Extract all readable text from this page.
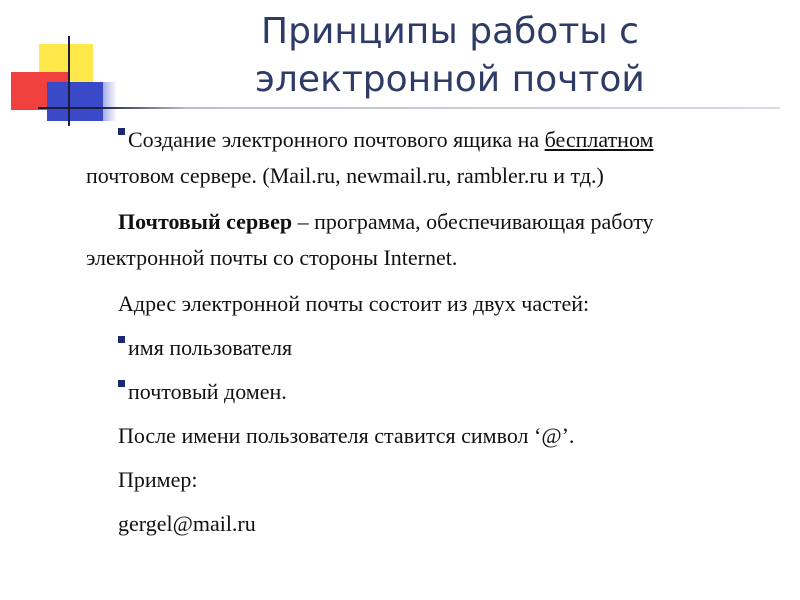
Принципы работы с
электронной почтой
Создание электронного почтового ящика на бесплатном
почтовом сервере. (Mail.ru, newmail.ru, rambler.ru и тд.)
Почтовый сервер – программа, обеспечивающая работу
электронной почты со стороны Internet.
Адрес электронной почты состоит из двух частей:
имя пользователя
почтовый домен.
После имени пользователя ставится символ ‘@’.
Пример:
gergel@mail.ru
